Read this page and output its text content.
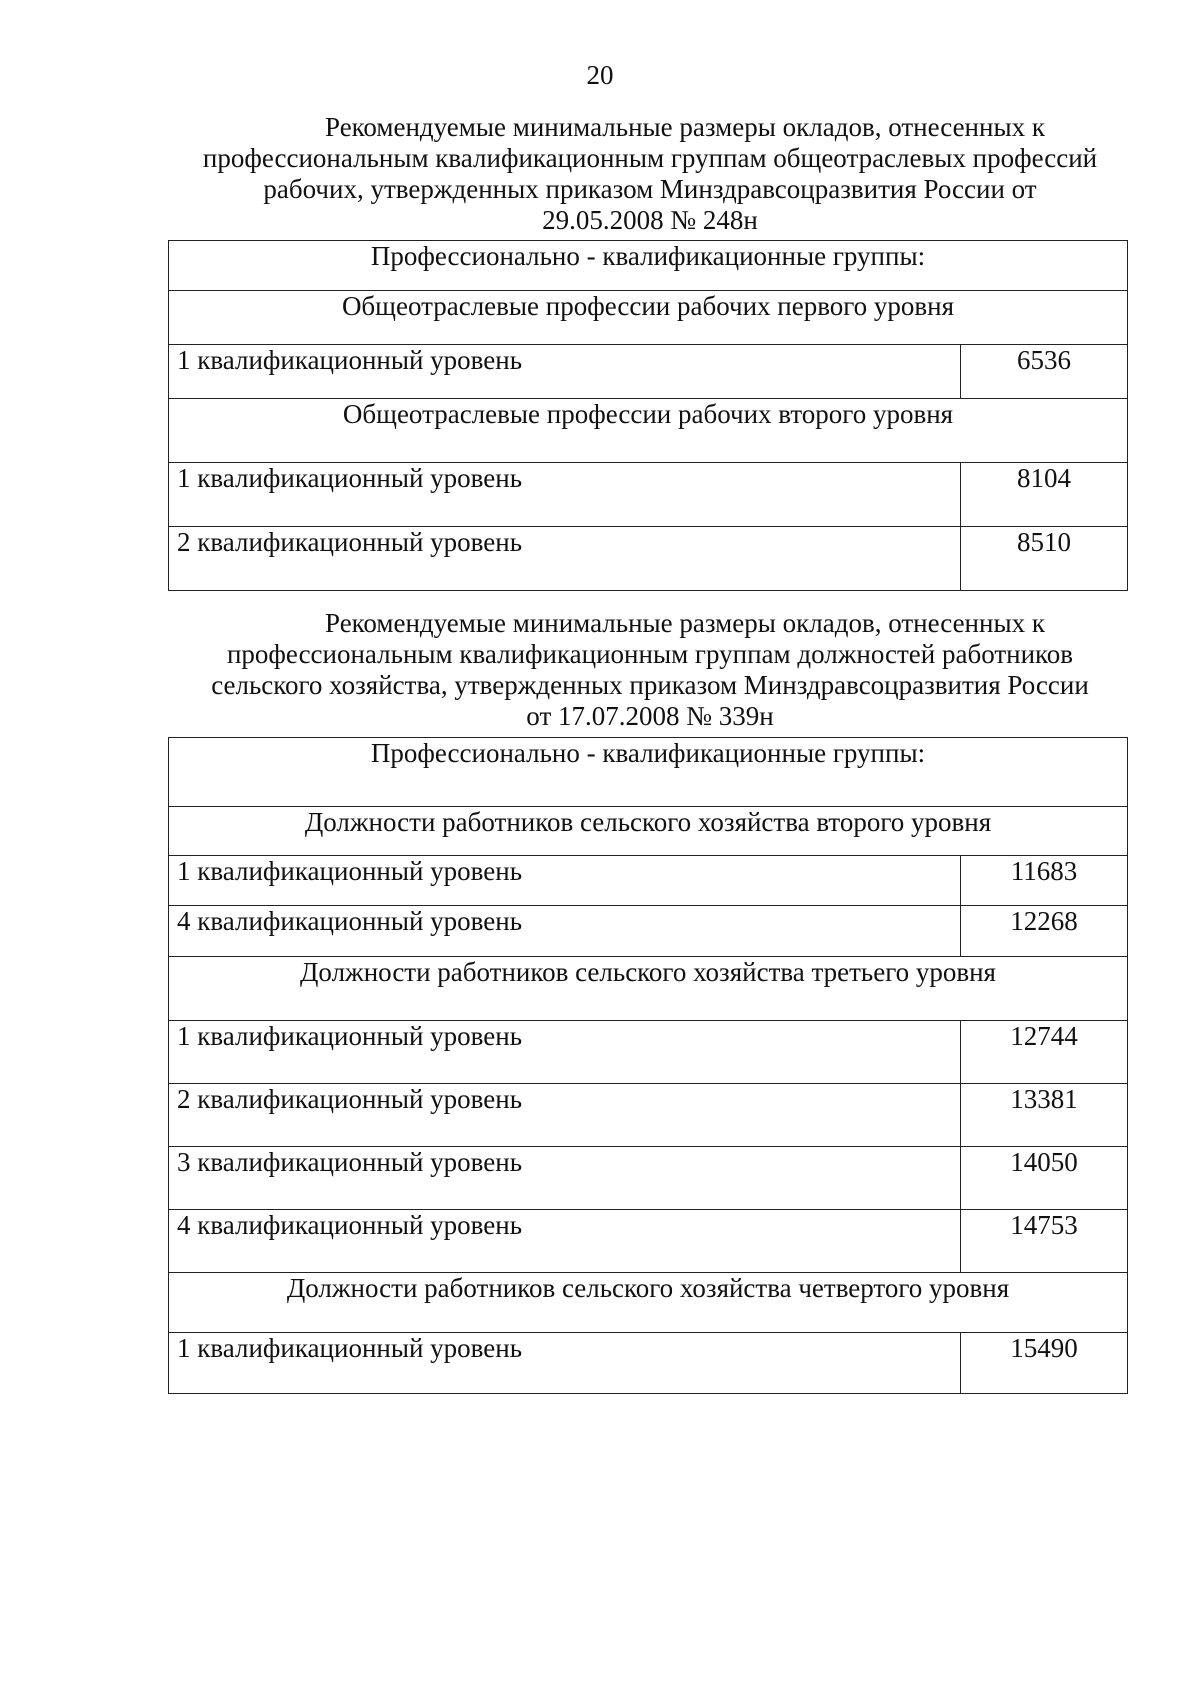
20
Рекомендуемые минимальные размеры окладов, отнесенных к
профессиональным квалификационным группам общеотраслевых профессий
рабочих, утвержденных приказом Минздравсоцразвития России от
29.05.2008 № 248н
Профессионально - квалификационные группы:	
Общеотраслевые профессии рабочих первого уровня	
1 квалификационный уровень	6536
Общеотраслевые профессии рабочих второго уровня	
1 квалификационный уровень	8104
2 квалификационный уровень	8510
Рекомендуемые минимальные размеры окладов, отнесенных к
профессиональным квалификационным группам должностей работников
сельского хозяйства, утвержденных приказом Минздравсоцразвития России
от 17.07.2008 № 339н
Профессионально - квалификационные группы:	
Должности работников сельского хозяйства второго уровня	
1 квалификационный уровень	11683
4 квалификационный уровень	12268
Должности работников сельского хозяйства третьего уровня	
1 квалификационный уровень	12744
2 квалификационный уровень	13381
3 квалификационный уровень	14050
4 квалификационный уровень	14753
Должности работников сельского хозяйства четвертого уровня	
1 квалификационный уровень	15490
